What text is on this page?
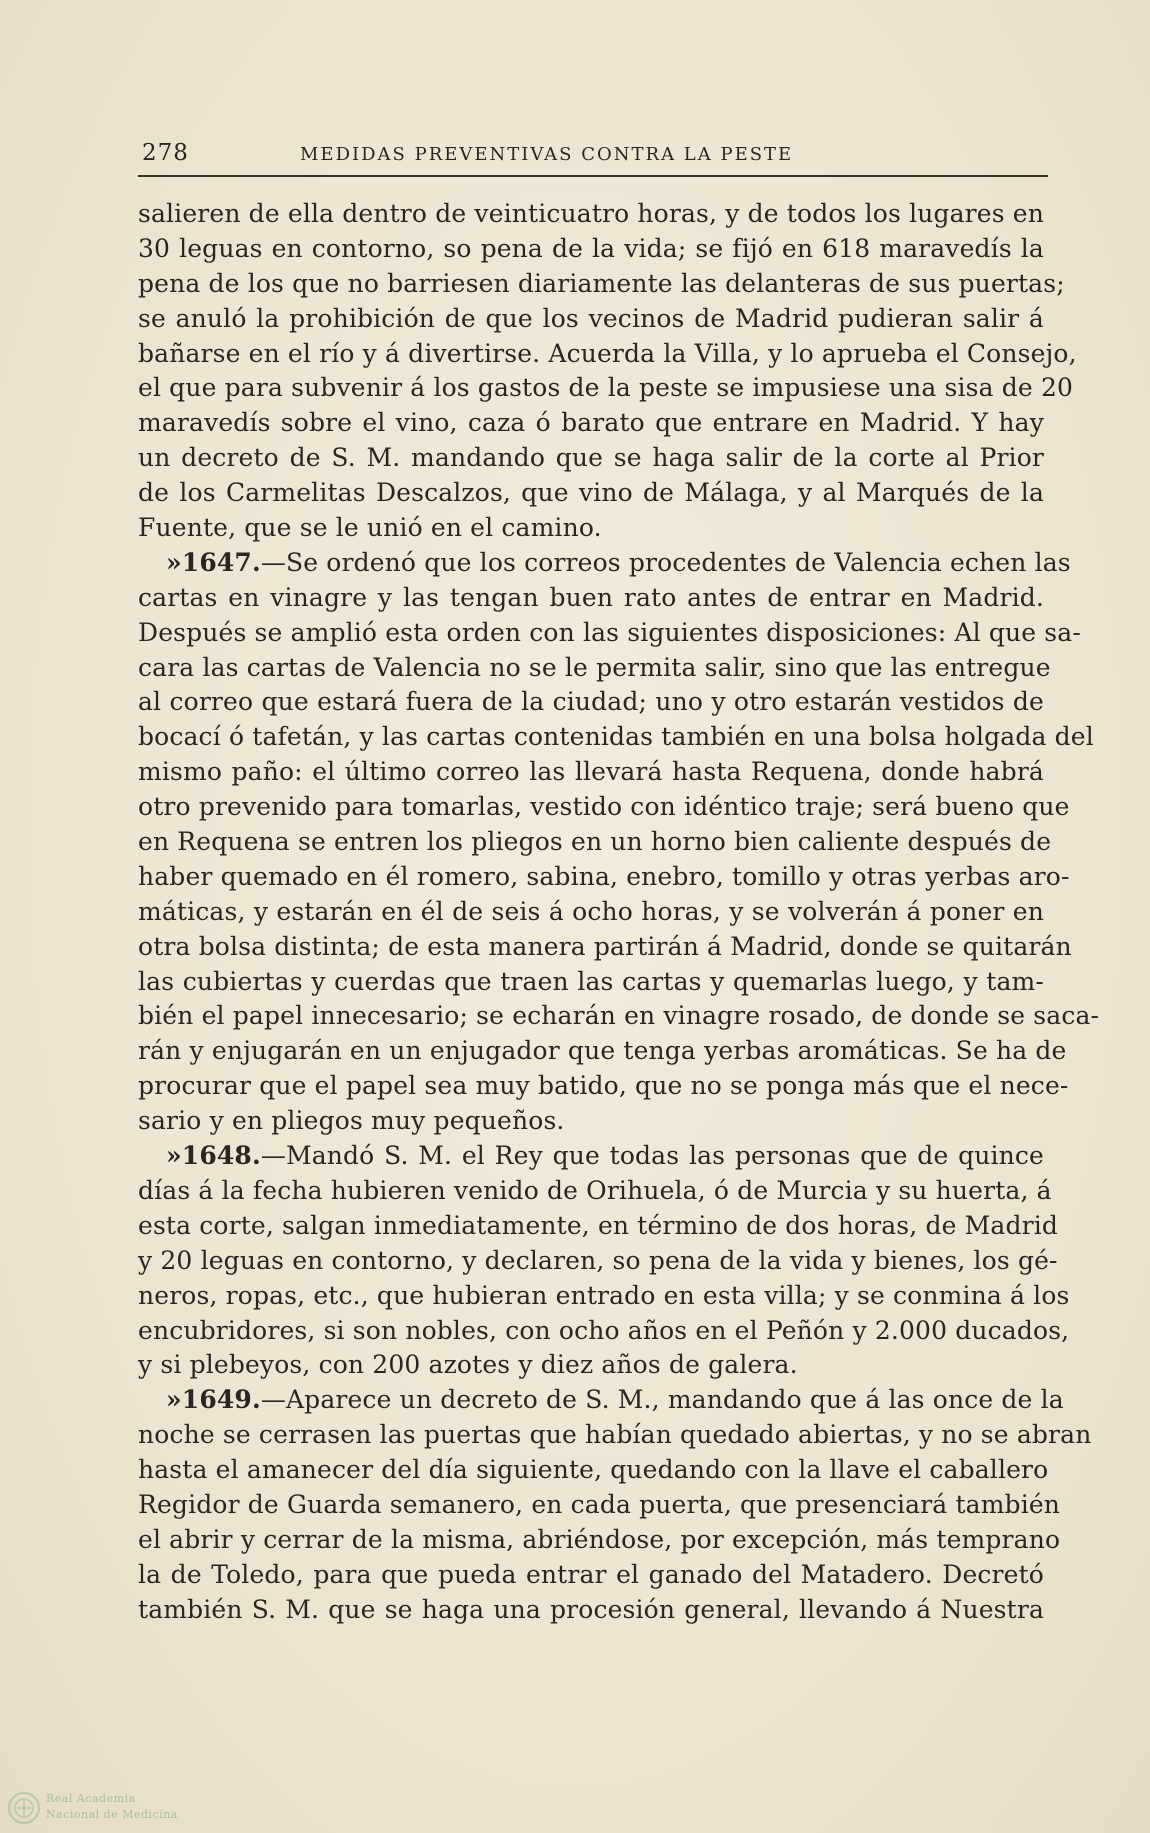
278	MEDIDAS PREVENTIVAS CONTRA LA PESTE
salieren de ella dentro de veinticuatro horas, y de todos los lugares en
30 leguas en contorno, so pena de la vida; se fijó en 618 maravedís la
pena de los que no barriesen diariamente las delanteras de sus puertas;
se anuló la prohibición de que los vecinos de Madrid pudieran salir á
bañarse en el río y á divertirse. Acuerda la Villa, y lo aprueba el Consejo,
el que para subvenir á los gastos de la peste se impusiese una sisa de 20
maravedís sobre el vino, caza ó barato que entrare en Madrid. Y hay
un decreto de S. M. mandando que se haga salir de la corte al Prior
de los Carmelitas Descalzos, que vino de Málaga, y al Marqués de la
Fuente, que se le unió en el camino.
»1647.—Se ordenó que los correos procedentes de Valencia echen las
cartas en vinagre y las tengan buen rato antes de entrar en Madrid.
Después se amplió esta orden con las siguientes disposiciones: Al que sa-
cara las cartas de Valencia no se le permita salir, sino que las entregue
al correo que estará fuera de la ciudad; uno y otro estarán vestidos de
bocací ó tafetán, y las cartas contenidas también en una bolsa holgada del
mismo paño: el último correo las llevará hasta Requena, donde habrá
otro prevenido para tomarlas, vestido con idéntico traje; será bueno que
en Requena se entren los pliegos en un horno bien caliente después de
haber quemado en él romero, sabina, enebro, tomillo y otras yerbas aro-
máticas, y estarán en él de seis á ocho horas, y se volverán á poner en
otra bolsa distinta; de esta manera partirán á Madrid, donde se quitarán
las cubiertas y cuerdas que traen las cartas y quemarlas luego, y tam-
bién el papel innecesario; se echarán en vinagre rosado, de donde se saca-
rán y enjugarán en un enjugador que tenga yerbas aromáticas. Se ha de
procurar que el papel sea muy batido, que no se ponga más que el nece-
sario y en pliegos muy pequeños.
»1648.—Mandó S. M. el Rey que todas las personas que de quince
días á la fecha hubieren venido de Orihuela, ó de Murcia y su huerta, á
esta corte, salgan inmediatamente, en término de dos horas, de Madrid
y 20 leguas en contorno, y declaren, so pena de la vida y bienes, los gé-
neros, ropas, etc., que hubieran entrado en esta villa; y se conmina á los
encubridores, si son nobles, con ocho años en el Peñón y 2.000 ducados,
y si plebeyos, con 200 azotes y diez años de galera.
»1649.—Aparece un decreto de S. M., mandando que á las once de la
noche se cerrasen las puertas que habían quedado abiertas, y no se abran
hasta el amanecer del día siguiente, quedando con la llave el caballero
Regidor de Guarda semanero, en cada puerta, que presenciará también
el abrir y cerrar de la misma, abriéndose, por excepción, más temprano
la de Toledo, para que pueda entrar el ganado del Matadero. Decretó
también S. M. que se haga una procesión general, llevando á Nuestra
Real Academia
Nacional de Medicina
